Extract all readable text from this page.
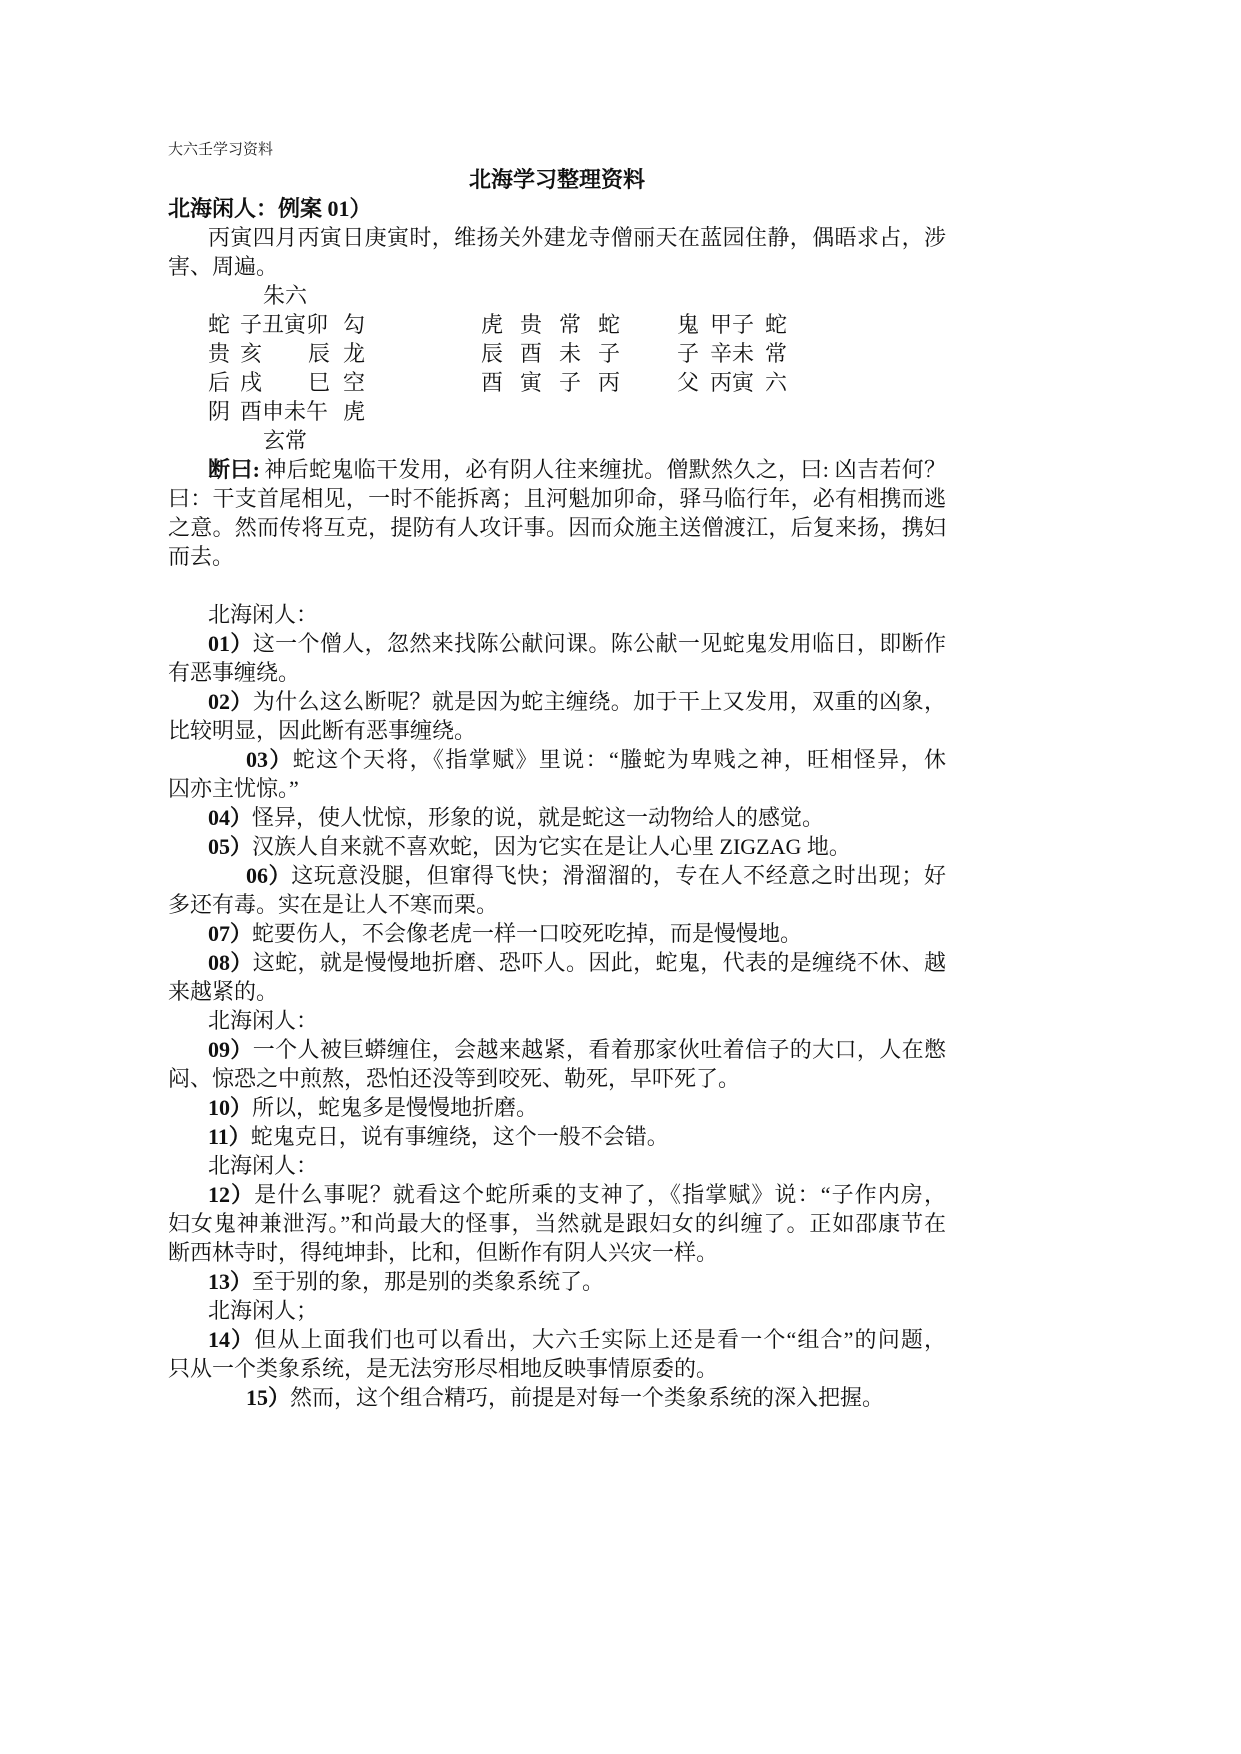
大六壬学习资料
北海学习整理资料
北海闲人：例案 01）
丙寅四月丙寅日庚寅时，维扬关外建龙寺僧丽天在蓝园住静，偶晤求占，涉
害、周遍。
朱六
蛇 子丑寅卯 勾	虎 贵 常 蛇	鬼 甲子 蛇
贵 亥 辰 龙	辰 酉 未 子	子 辛未 常
后 戌 巳 空	酉 寅 子 丙	父 丙寅 六
阴 酉申未午 虎
玄常
断曰: 神后蛇鬼临干发用，必有阴人往来缠扰。僧默然久之，曰: 凶吉若何？
曰：干支首尾相见，一时不能拆离；且河魁加卯命，驿马临行年，必有相携而逃
之意。然而传将互克，提防有人攻讦事。因而众施主送僧渡江，后复来扬，携妇
而去。
北海闲人：
01）这一个僧人，忽然来找陈公献问课。陈公献一见蛇鬼发用临日，即断作
有恶事缠绕。
02）为什么这么断呢？就是因为蛇主缠绕。加于干上又发用，双重的凶象，
比较明显，因此断有恶事缠绕。
03）蛇这个天将，《指掌赋》里说：“螣蛇为卑贱之神，旺相怪异，休
囚亦主忧惊。”
04）怪异，使人忧惊，形象的说，就是蛇这一动物给人的感觉。
05）汉族人自来就不喜欢蛇，因为它实在是让人心里 ZIGZAG 地。
06）这玩意没腿，但窜得飞快；滑溜溜的，专在人不经意之时出现；好
多还有毒。实在是让人不寒而栗。
07）蛇要伤人，不会像老虎一样一口咬死吃掉，而是慢慢地。
08）这蛇，就是慢慢地折磨、恐吓人。因此，蛇鬼，代表的是缠绕不休、越
来越紧的。
北海闲人：
09）一个人被巨蟒缠住，会越来越紧，看着那家伙吐着信子的大口，人在憋
闷、惊恐之中煎熬，恐怕还没等到咬死、勒死，早吓死了。
10）所以，蛇鬼多是慢慢地折磨。
11）蛇鬼克日，说有事缠绕，这个一般不会错。
北海闲人：
12）是什么事呢？就看这个蛇所乘的支神了，《指掌赋》说：“子作内房，
妇女鬼神兼泄泻。”和尚最大的怪事，当然就是跟妇女的纠缠了。正如邵康节在
断西林寺时，得纯坤卦，比和，但断作有阴人兴灾一样。
13）至于别的象，那是别的类象系统了。
北海闲人；
14）但从上面我们也可以看出，大六壬实际上还是看一个“组合”的问题，
只从一个类象系统，是无法穷形尽相地反映事情原委的。
15）然而，这个组合精巧，前提是对每一个类象系统的深入把握。
